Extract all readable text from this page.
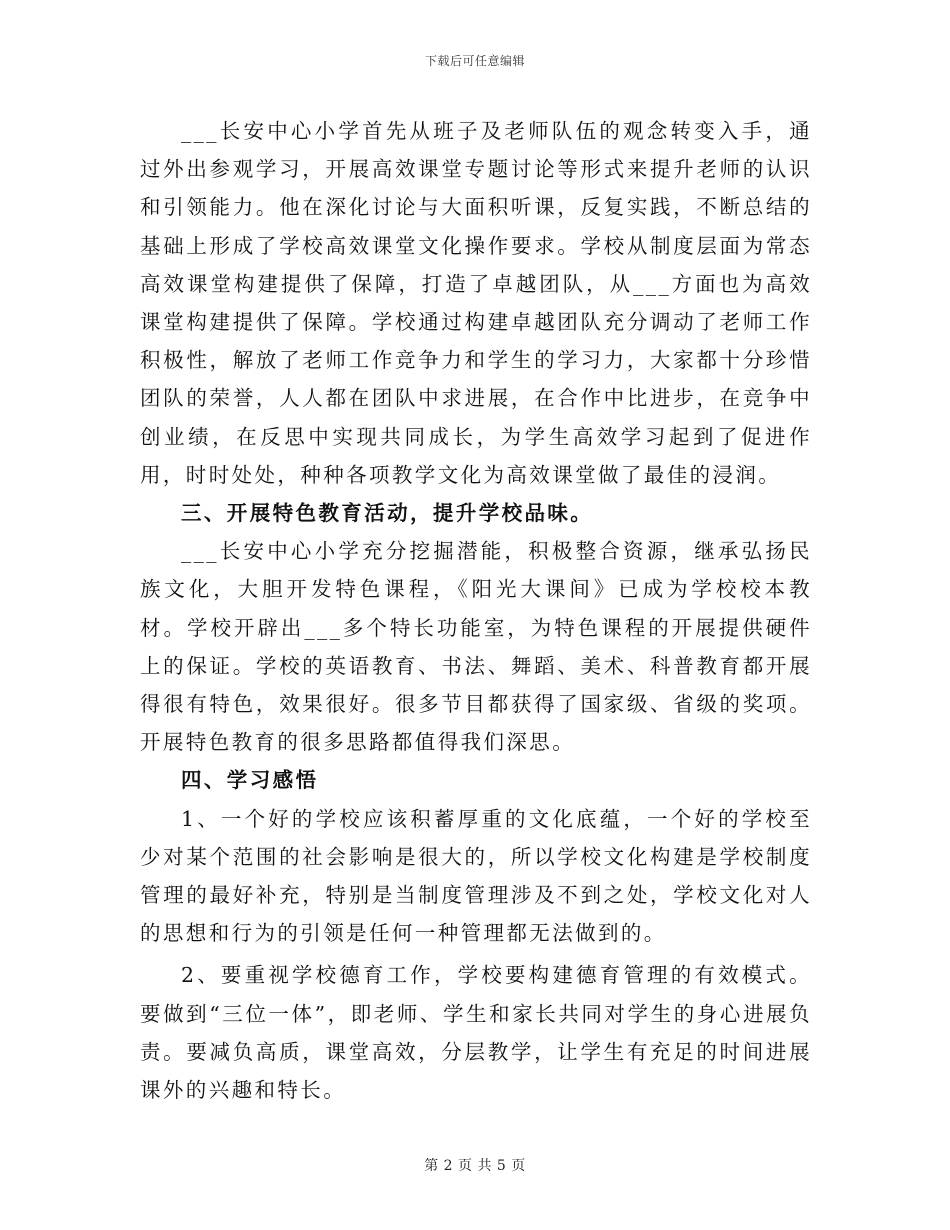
下载后可任意编辑

___长安中心小学首先从班子及老师队伍的观念转变入手，通过外出参观学习，开展高效课堂专题讨论等形式来提升老师的认识和引领能力。他在深化讨论与大面积听课，反复实践，不断总结的基础上形成了学校高效课堂文化操作要求。学校从制度层面为常态高效课堂构建提供了保障，打造了卓越团队，从___方面也为高效课堂构建提供了保障。学校通过构建卓越团队充分调动了老师工作积极性，解放了老师工作竞争力和学生的学习力，大家都十分珍惜团队的荣誉，人人都在团队中求进展，在合作中比进步，在竞争中创业绩，在反思中实现共同成长，为学生高效学习起到了促进作用，时时处处，种种各项教学文化为高效课堂做了最佳的浸润。

三、开展特色教育活动，提升学校品味。

___长安中心小学充分挖掘潜能，积极整合资源，继承弘扬民族文化，大胆开发特色课程，《阳光大课间》已成为学校校本教材。学校开辟出___多个特长功能室，为特色课程的开展提供硬件上的保证。学校的英语教育、书法、舞蹈、美术、科普教育都开展得很有特色，效果很好。很多节目都获得了国家级、省级的奖项。开展特色教育的很多思路都值得我们深思。

四、学习感悟

1、一个好的学校应该积蓄厚重的文化底蕴，一个好的学校至少对某个范围的社会影响是很大的，所以学校文化构建是学校制度管理的最好补充，特别是当制度管理涉及不到之处，学校文化对人的思想和行为的引领是任何一种管理都无法做到的。

2、要重视学校德育工作，学校要构建德育管理的有效模式。要做到“三位一体”，即老师、学生和家长共同对学生的身心进展负责。要减负高质，课堂高效，分层教学，让学生有充足的时间进展课外的兴趣和特长。

第 2 页 共 5 页
